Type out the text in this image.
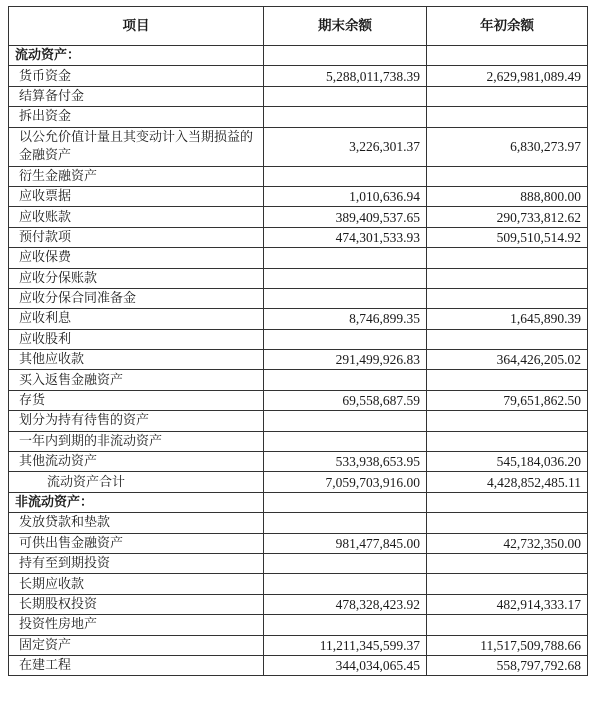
项目	期末余额	年初余额
流动资产：		
货币资金	5,288,011,738.39	2,629,981,089.49
结算备付金		
拆出资金		
以公允价值计量且其变动计入当期损益的金融资产	3,226,301.37	6,830,273.97
衍生金融资产		
应收票据	1,010,636.94	888,800.00
应收账款	389,409,537.65	290,733,812.62
预付款项	474,301,533.93	509,510,514.92
应收保费		
应收分保账款		
应收分保合同准备金		
应收利息	8,746,899.35	1,645,890.39
应收股利		
其他应收款	291,499,926.83	364,426,205.02
买入返售金融资产		
存货	69,558,687.59	79,651,862.50
划分为持有待售的资产		
一年内到期的非流动资产		
其他流动资产	533,938,653.95	545,184,036.20
流动资产合计	7,059,703,916.00	4,428,852,485.11
非流动资产：		
发放贷款和垫款		
可供出售金融资产	981,477,845.00	42,732,350.00
持有至到期投资		
长期应收款		
长期股权投资	478,328,423.92	482,914,333.17
投资性房地产		
固定资产	11,211,345,599.37	11,517,509,788.66
在建工程	344,034,065.45	558,797,792.68
